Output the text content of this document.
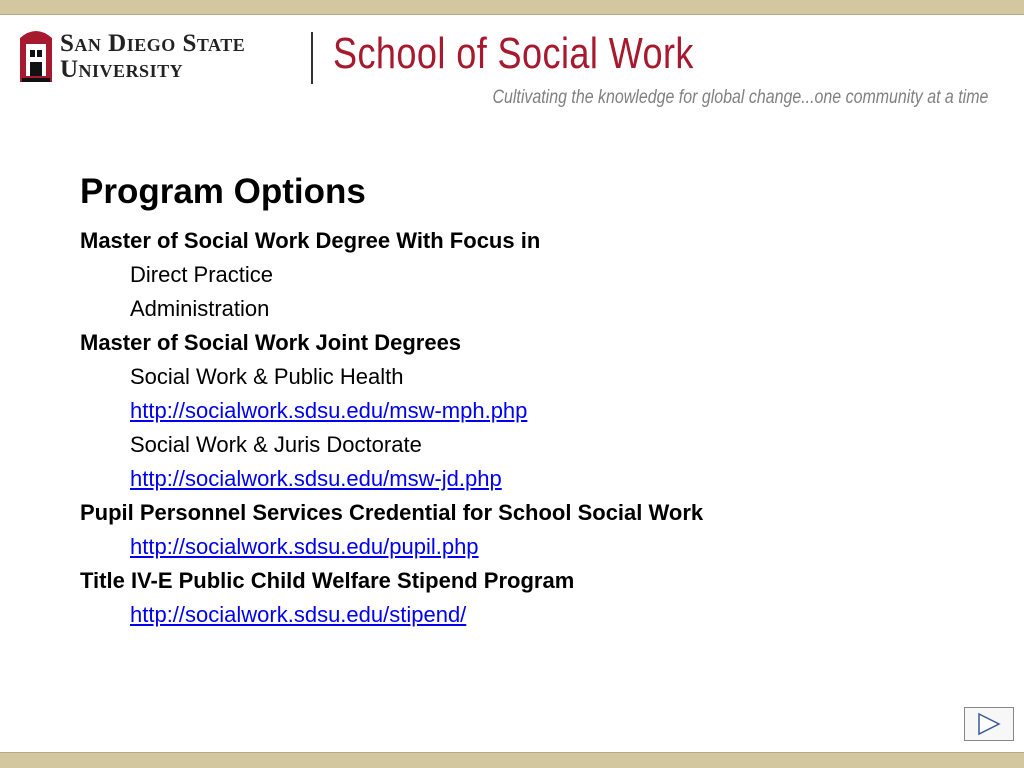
San Diego State
University	School of Social Work
Cultivating the knowledge for global change...one community at a time
Program Options
Master of Social Work Degree With Focus in
Direct Practice
Administration
Master of Social Work Joint Degrees
Social Work & Public Health
http://socialwork.sdsu.edu/msw-mph.php
Social Work & Juris Doctorate
http://socialwork.sdsu.edu/msw-jd.php
Pupil Personnel Services Credential for School Social Work
http://socialwork.sdsu.edu/pupil.php
Title IV-E Public Child Welfare Stipend Program
http://socialwork.sdsu.edu/stipend/
